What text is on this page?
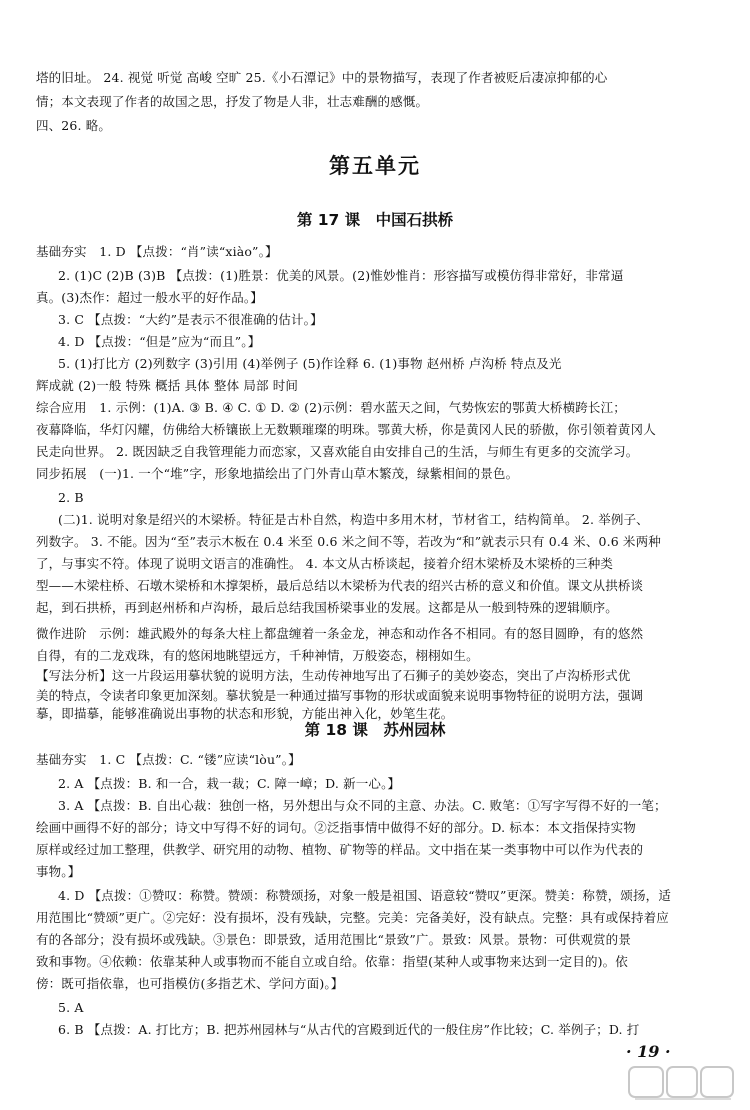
塔的旧址。 24. 视觉 听觉 高峻 空旷 25.《小石潭记》中的景物描写，表现了作者被贬后凄凉抑郁的心
情；本文表现了作者的故国之思，抒发了物是人非，壮志难酬的感慨。
四、26. 略。
第五单元
第 17 课　中国石拱桥
基础夯实　1. D 【点拨：“肖”读“xiào”。】
2. (1)C (2)B (3)B 【点拨：(1)胜景：优美的风景。(2)惟妙惟肖：形容描写或模仿得非常好，非常逼
真。(3)杰作：超过一般水平的好作品。】
3. C 【点拨：“大约”是表示不很准确的估计。】
4. D 【点拨：“但是”应为“而且”。】
5. (1)打比方 (2)列数字 (3)引用 (4)举例子 (5)作诠释 6. (1)事物 赵州桥 卢沟桥 特点及光
辉成就 (2)一般 特殊 概括 具体 整体 局部 时间
综合应用　1. 示例：(1)A. ③ B. ④ C. ① D. ② (2)示例：碧水蓝天之间，气势恢宏的鄂黄大桥横跨长江；
夜幕降临，华灯闪耀，仿佛给大桥镶嵌上无数颗璀璨的明珠。鄂黄大桥，你是黄冈人民的骄傲，你引领着黄冈人
民走向世界。 2. 既因缺乏自我管理能力而恋家，又喜欢能自由安排自己的生活，与师生有更多的交流学习。
同步拓展　(一)1. 一个“堆”字，形象地描绘出了门外青山草木繁茂，绿紫相间的景色。
2. B
(二)1. 说明对象是绍兴的木梁桥。特征是古朴自然，构造中多用木材，节材省工，结构简单。 2. 举例子、
列数字。 3. 不能。因为“至”表示木板在 0.4 米至 0.6 米之间不等，若改为“和”就表示只有 0.4 米、0.6 米两种
了，与事实不符。体现了说明文语言的准确性。 4. 本文从古桥谈起，接着介绍木梁桥及木梁桥的三种类
型——木梁柱桥、石墩木梁桥和木撑架桥，最后总结以木梁桥为代表的绍兴古桥的意义和价值。课文从拱桥谈
起，到石拱桥，再到赵州桥和卢沟桥，最后总结我国桥梁事业的发展。这都是从一般到特殊的逻辑顺序。
微作进阶　示例：雄武殿外的每条大柱上都盘缠着一条金龙，神态和动作各不相同。有的怒目圆睁，有的悠然
自得，有的二龙戏珠，有的悠闲地眺望远方，千种神情，万般姿态，栩栩如生。
【写法分析】这一片段运用摹状貌的说明方法，生动传神地写出了石狮子的美妙姿态，突出了卢沟桥形式优
美的特点，令读者印象更加深刻。摹状貌是一种通过描写事物的形状或面貌来说明事物特征的说明方法，强调
摹，即描摹，能够准确说出事物的状态和形貌，方能出神入化，妙笔生花。
第 18 课　苏州园林
基础夯实　1. C 【点拨：C. “镂”应读“lòu”。】
2. A 【点拨：B. 和一合，栽一裁；C. 障一嶂；D. 新一心。】
3. A 【点拨：B. 自出心裁：独创一格，另外想出与众不同的主意、办法。C. 败笔：①写字写得不好的一笔；
绘画中画得不好的部分；诗文中写得不好的词句。②泛指事情中做得不好的部分。D. 标本：本文指保持实物
原样或经过加工整理，供教学、研究用的动物、植物、矿物等的样品。文中指在某一类事物中可以作为代表的
事物。】
4. D 【点拨：①赞叹：称赞。赞颂：称赞颂扬，对象一般是祖国、语意较“赞叹”更深。赞美：称赞，颂扬，适
用范围比“赞颂”更广。②完好：没有损坏，没有残缺，完整。完美：完备美好，没有缺点。完整：具有或保持着应
有的各部分；没有损坏或残缺。③景色：即景致，适用范围比“景致”广。景致：风景。景物：可供观赏的景
致和事物。④依赖：依靠某种人或事物而不能自立或自给。依靠：指望(某种人或事物来达到一定目的)。依
傍：既可指依靠，也可指模仿(多指艺术、学问方面)。】
5. A
6. B 【点拨：A. 打比方；B. 把苏州园林与“从古代的宫殿到近代的一般住房”作比较；C. 举例子；D. 打
· 19 ·
